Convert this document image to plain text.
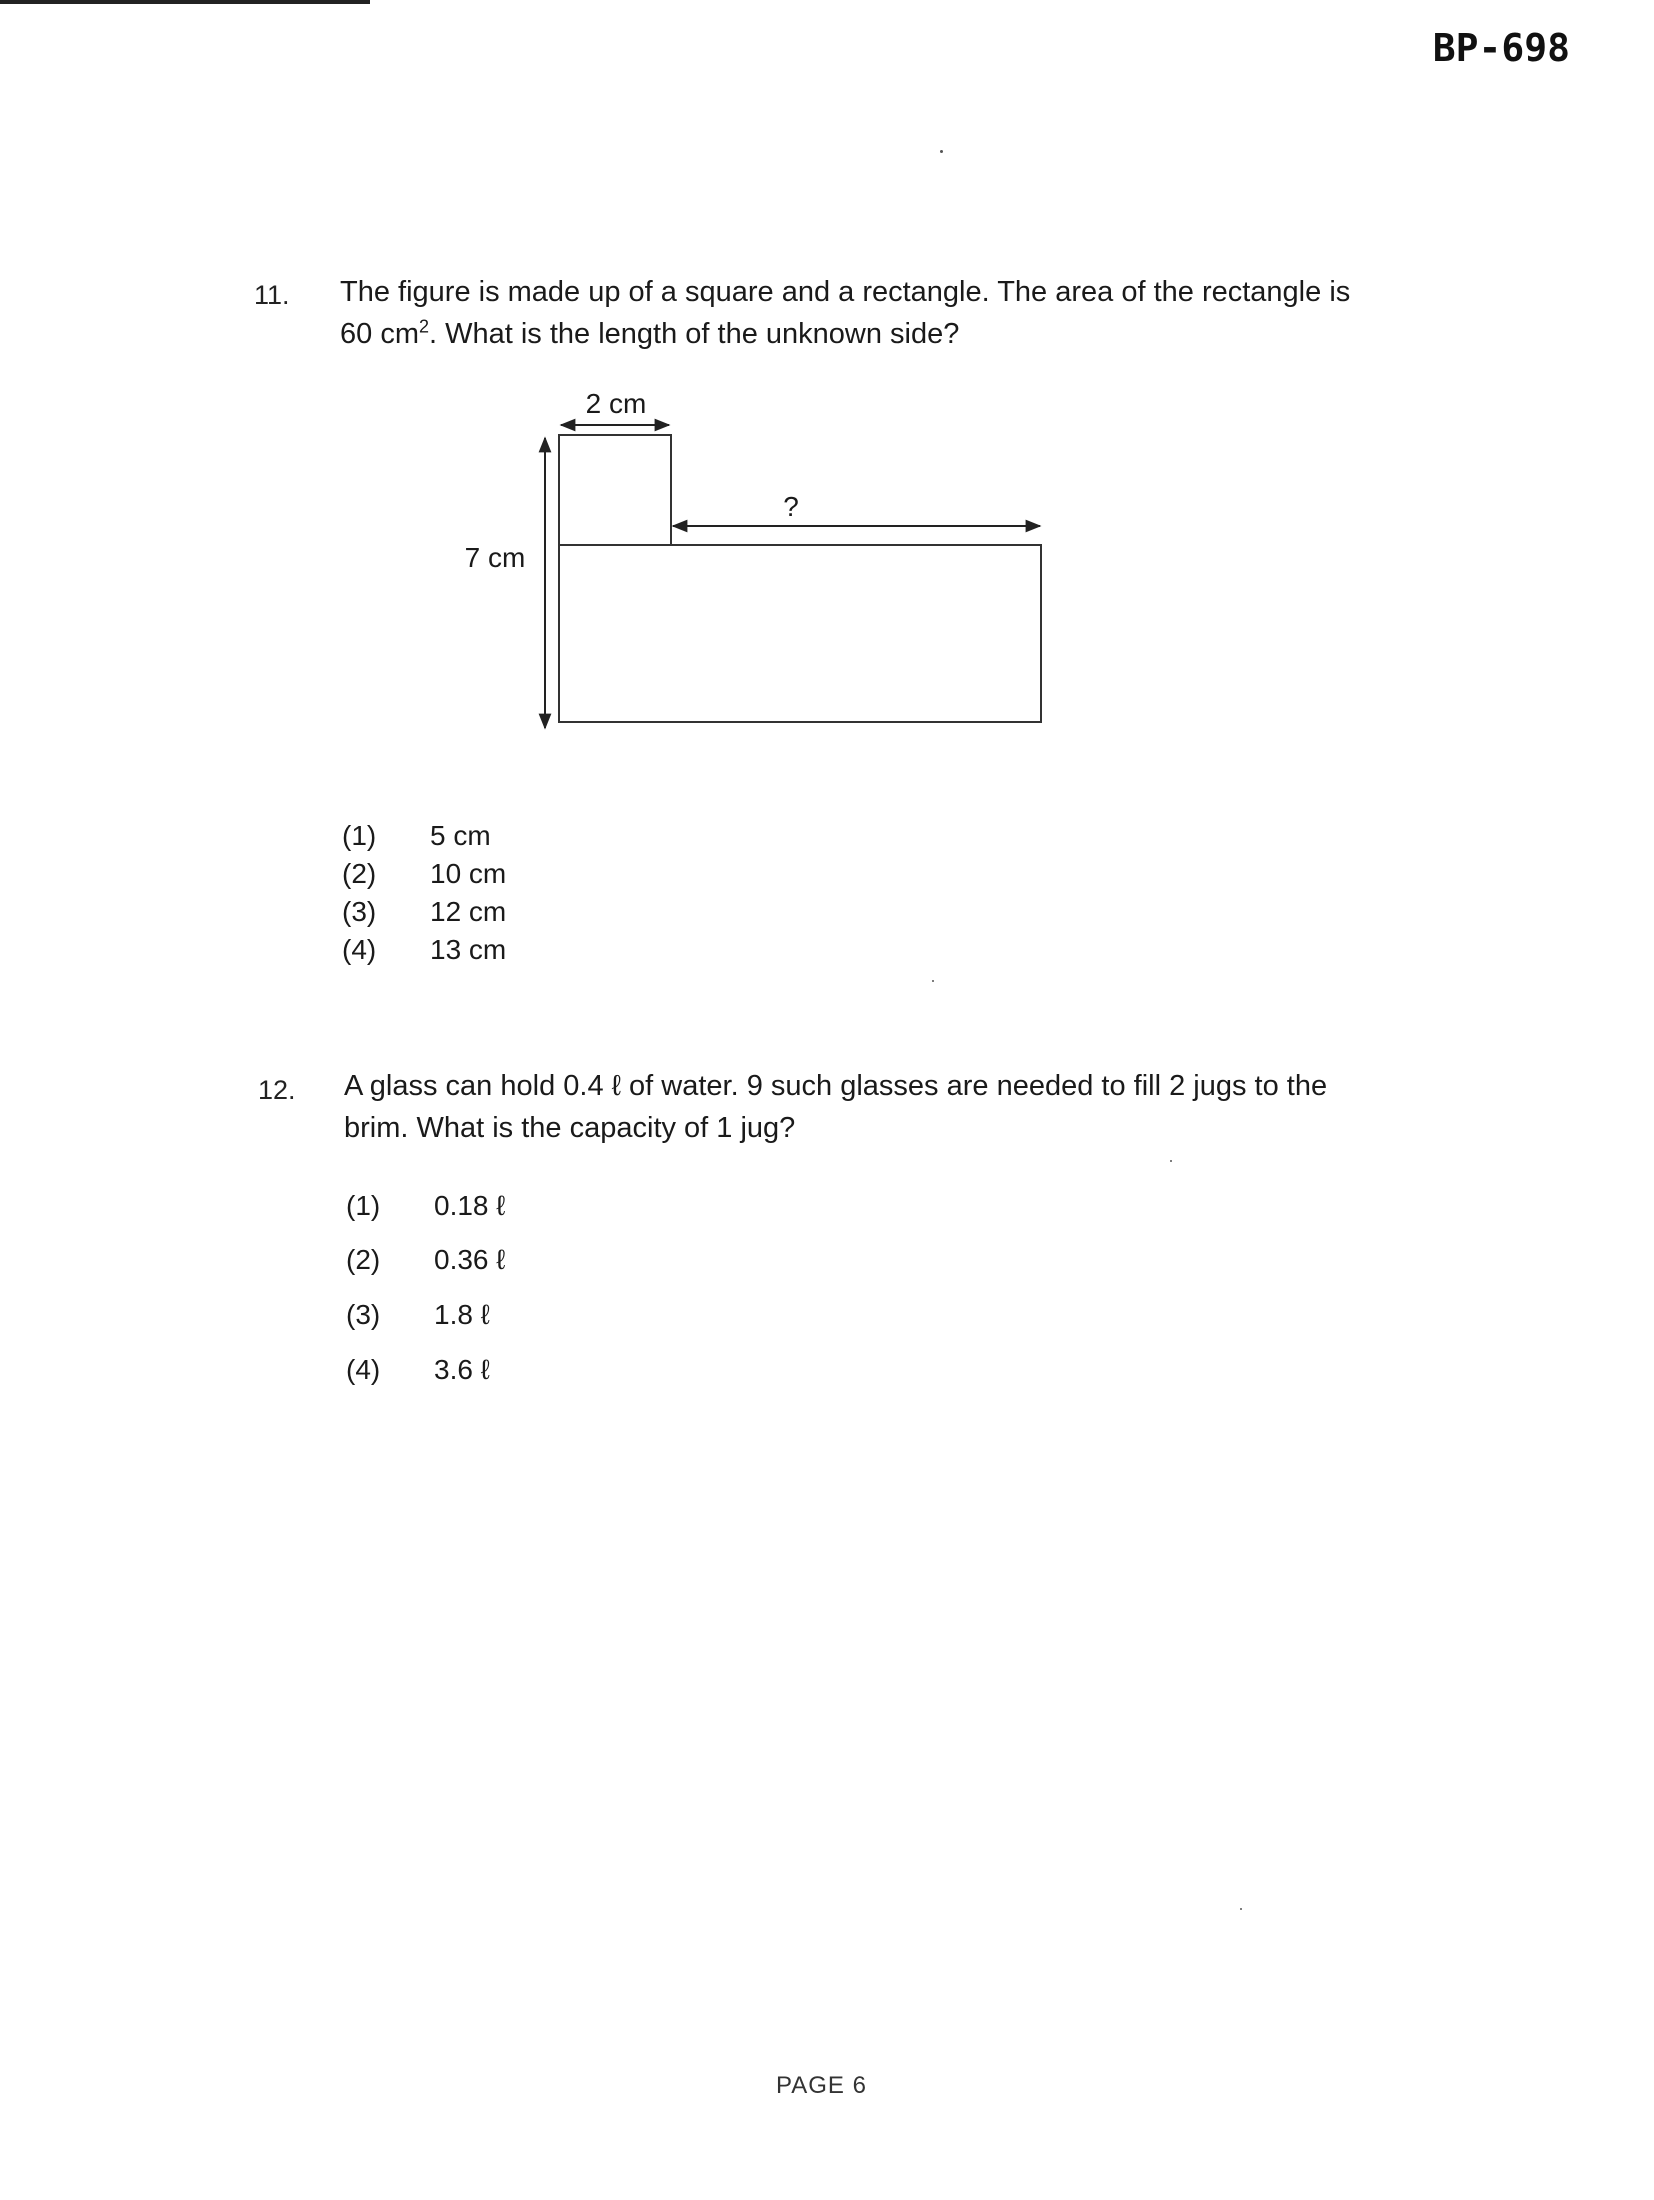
BP-698
11. The figure is made up of a square and a rectangle. The area of the rectangle is 60 $cm^2$. What is the length of the unknown side?
2 cm
7 cm
?
(1) 5 cm
(2) 10 cm
(3) 12 cm
(4) 13 cm
12. A glass can hold 0.4 ℓ of water. 9 such glasses are needed to fill 2 jugs to the brim. What is the capacity of 1 jug?
(1) 0.18 ℓ
(2) 0.36 ℓ
(3) 1.8 ℓ
(4) 3.6 ℓ
PAGE 6
